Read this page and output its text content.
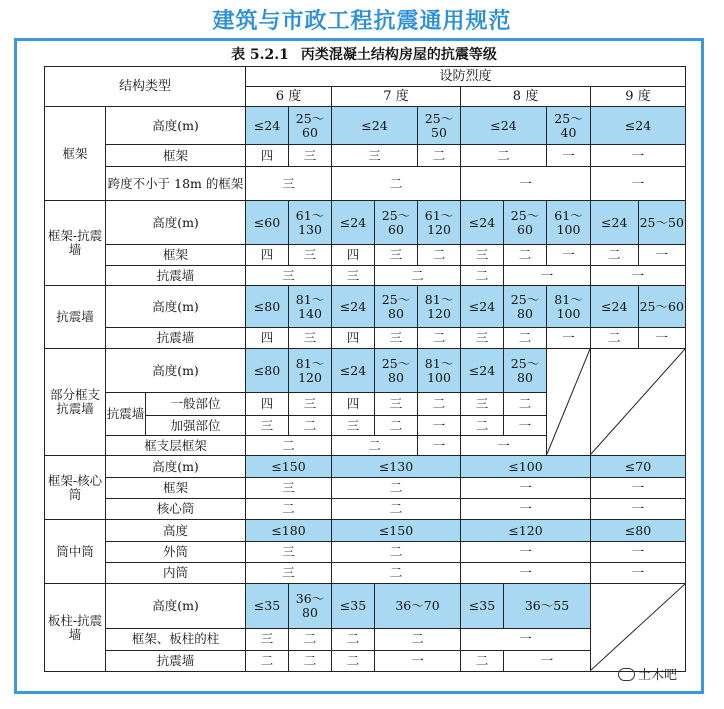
建筑与市政工程抗震通用规范
表 5.2.1 丙类混凝土结构房屋的抗震等级
结构类型			设防烈度									
			6 度		7 度			8 度			9 度	
框架	高度(m)		≤24	25～60	≤24		25～50	≤24		25～40	≤24	
	框架		四	三	三		二	二		一	一	
	跨度不小于 18m 的框架		三		二			一			一	
框架-抗震墙	高度(m)		≤60	61～130	≤24	25～60	61～120	≤24	25～60	61～100	≤24	25～50
	框架		四	三	四	三	二	三	二	一	二	一
	抗震墙		三		三	二		二	一		一	
抗震墙	高度(m)		≤80	81～140	≤24	25～80	81～120	≤24	25～80	81～100	≤24	25～60
	抗震墙		四	三	四	三	二	三	二	一	二	一
部分框支抗震墙	高度(m)		≤80	81～120	≤24	25～80	81～100	≤24	25～80	

	抗震墙	一般部位	四	三	四	三	二	三	二			
		加强部位	三	二	三	二	一	二	一			
	框支层框架		二		二		一	一				
框架-核心筒	高度(m)		≤150		≤130			≤100			≤70	
	框架		三		二			一			一	
	核心筒		二		二			一			一	
筒中筒	高度		≤180		≤150			≤120			≤80	
	外筒		三		二			一			一	
	内筒		三		二			一			一	
板柱-抗震墙	高度(m)		≤35	36～80	≤35	36～70		≤35	36～55	

	框架、板柱的柱		三	二	二	二		一				
	抗震墙		二	二	二	一		二	一			
土木吧
